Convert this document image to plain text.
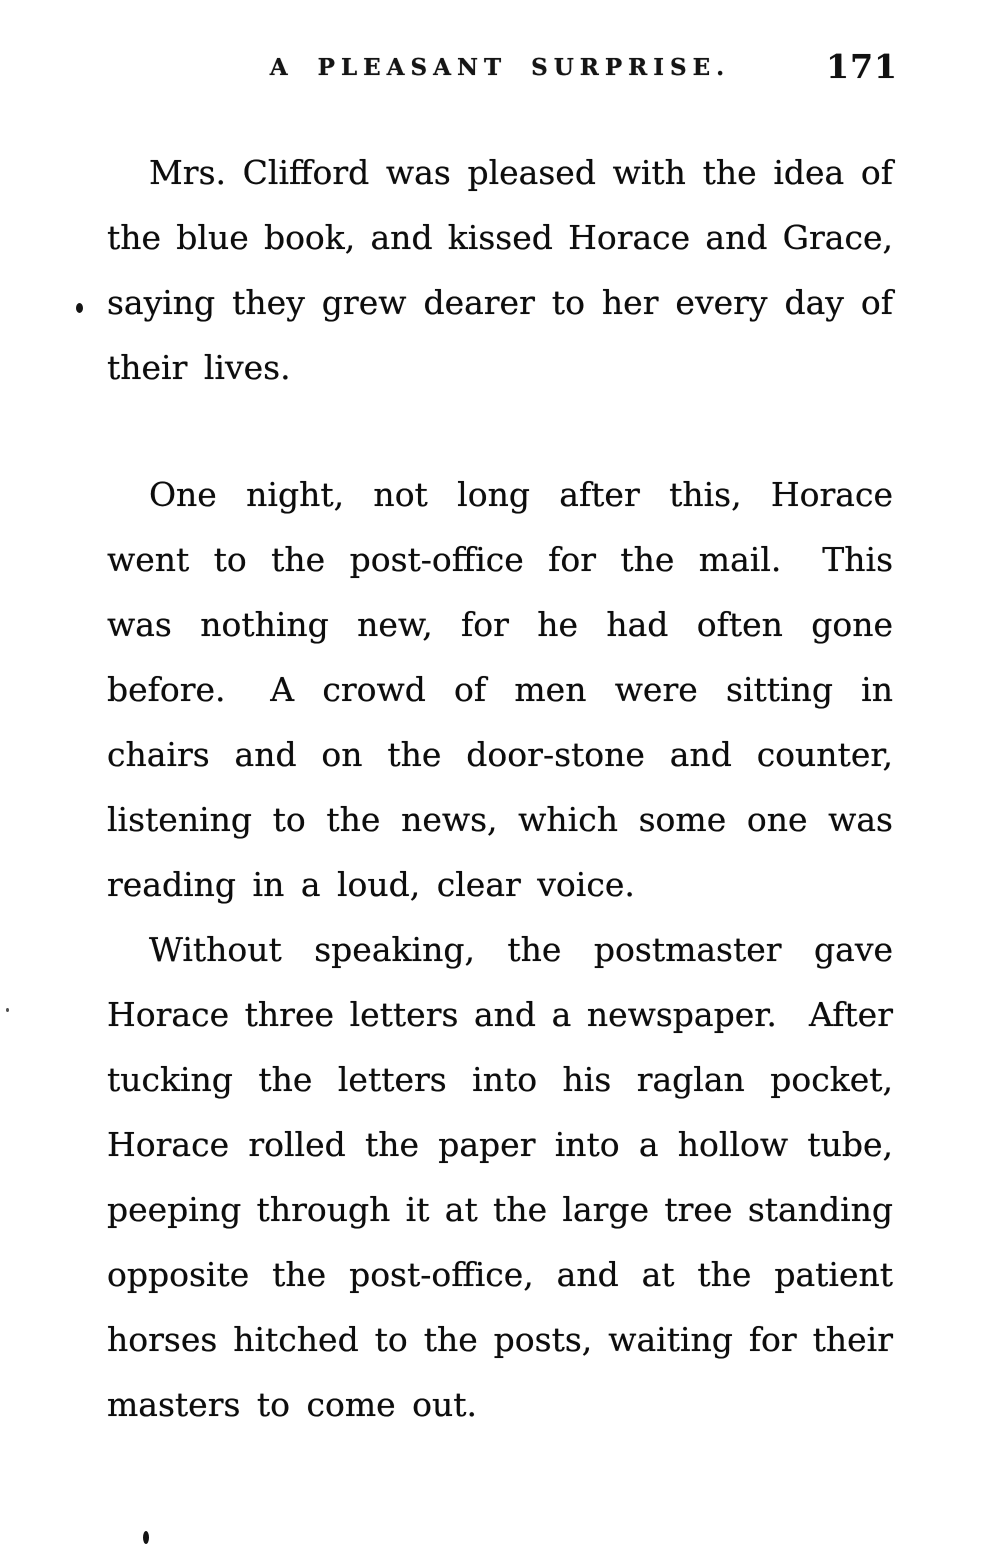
A PLEASANT SURPRISE.	171
Mrs. Clifford was pleased with the idea of
the blue book, and kissed Horace and Grace,
saying they grew dearer to her every day of
their lives.
One night, not long after this, Horace
went to the post-office for the mail.  This
was nothing new, for he had often gone
before.  A crowd of men were sitting in
chairs and on the door-stone and counter,
listening to the news, which some one was
reading in a loud, clear voice.
Without speaking, the postmaster gave
Horace three letters and a newspaper.  After
tucking the letters into his raglan pocket,
Horace rolled the paper into a hollow tube,
peeping through it at the large tree standing
opposite the post-office, and at the patient
horses hitched to the posts, waiting for their
masters to come out.
